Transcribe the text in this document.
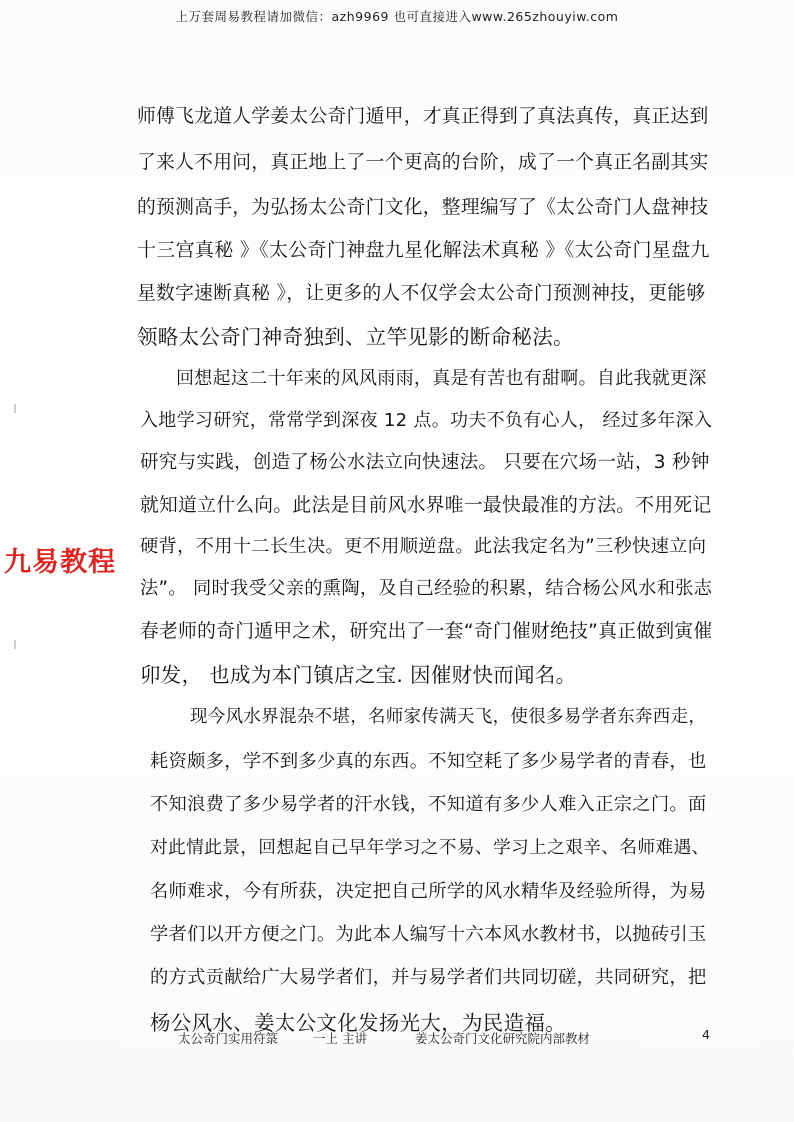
上万套周易教程请加微信：azh9969 也可直接进入www.265zhouyiw.com
师傅飞龙道人学姜太公奇门遁甲，才真正得到了真法真传，真正达到
了来人不用问，真正地上了一个更高的台阶，成了一个真正名副其实
的预测高手，为弘扬太公奇门文化，整理编写了《太公奇门人盘神技
十三宫真秘 》《太公奇门神盘九星化解法术真秘 》《太公奇门星盘九
星数字速断真秘 》，让更多的人不仅学会太公奇门预测神技，更能够
领略太公奇门神奇独到、立竿见影的断命秘法。
回想起这二十年来的风风雨雨，真是有苦也有甜啊。自此我就更深
入地学习研究，常常学到深夜 12 点。功夫不负有心人， 经过多年深入
研究与实践，创造了杨公水法立向快速法。 只要在穴场一站，3 秒钟
就知道立什么向。此法是目前风水界唯一最快最准的方法。不用死记
硬背，不用十二长生决。更不用顺逆盘。此法我定名为”三秒快速立向
法”。 同时我受父亲的熏陶，及自己经验的积累，结合杨公风水和张志
春老师的奇门遁甲之术，研究出了一套“奇门催财绝技”真正做到寅催
卯发， 也成为本门镇店之宝. 因催财快而闻名。
现今风水界混杂不堪，名师家传满天飞，使很多易学者东奔西走，
耗资颇多，学不到多少真的东西。不知空耗了多少易学者的青春，也
不知浪费了多少易学者的汗水钱，不知道有多少人难入正宗之门。面
对此情此景，回想起自己早年学习之不易、学习上之艰辛、名师难遇、
名师难求，今有所获，决定把自己所学的风水精华及经验所得，为易
学者们以开方便之门。为此本人编写十六本风水教材书，以抛砖引玉
的方式贡献给广大易学者们，并与易学者们共同切磋，共同研究，把
杨公风水、姜太公文化发扬光大，为民造福。
九易教程
太公奇门实用符箓	一上 主讲	姜太公奇门文化研究院内部教材	4
